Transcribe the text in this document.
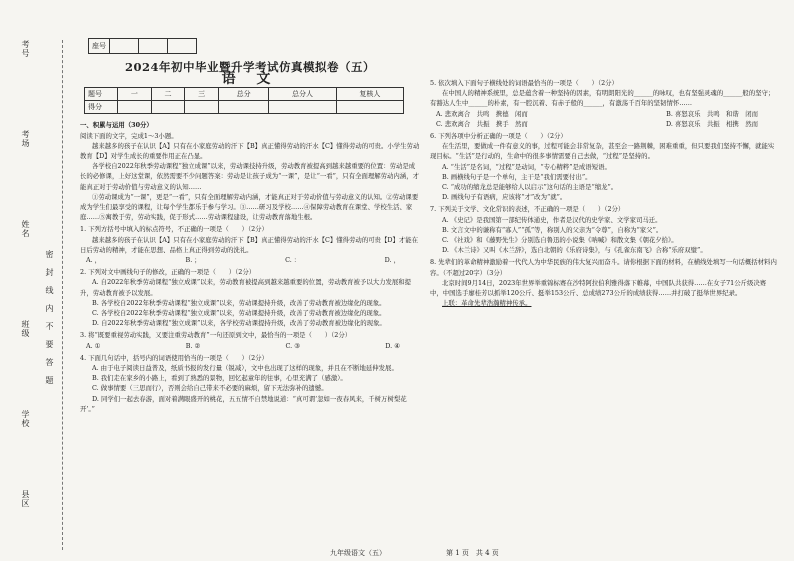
考号
考场
姓名
班级
学校
县区
密　封　线　内　不　要　答　题
座号			

2024年初中毕业暨升学考试仿真模拟卷（五）

语 文

题号	一	二	三	总分	总分人	复核人
得分						

一、积累与运用（30分）

阅读下面的文字，完成1～3小题。

越来越多的孩子在认识【A】只有在小家庭劳动的汗下【B】真正懂得劳动的汗水【C】懂得劳动的可贵。小学生劳动教育【D】对学生成长的重要作用正在凸显。

各学校自2022年秋季劳动课程“独立成课”以来，劳动课技持升级，劳动教育被提高到越来越重要的位置：劳动是成长的必修课，上好这堂课，依然需要不少问题答案：劳动是让孩子成为“一课”，是让“一看”，只有全面理解劳动内涵，才能真正对于劳动价值与劳动意义的认知……

①劳动课成为“一课”，更是“一看”，只有全面理解劳动内涵，才能真正对于劳动价值与劳动意义的认知。②劳动课要成为学生们最享受的课程，让每个学生都乐于参与学习。③……研习及学校……④保障劳动教育在课堂、学校生活、家庭……⑤寓教于劳，劳动实践，促于形式……劳动课程建设，让劳动教育落地生根。

1. 下列方括号中填入的标点符号，不正确的一项是（　　）（2分）

越来越多的孩子在认识【A】只有在小家庭劳动的汗下【B】真正懂得劳动的汗水【C】懂得劳动的可贵【D】才能在日后劳动的精神，才能在思想、品格上真正得到劳动的洗礼。

A. ，	B. ；	C. ：	D. ，

2. 下列对文中画线句子的修改，正确的一项是（　　）（2分）

A. 自2022年秋季劳动课程“独立成课”以来，劳动教育被提高到越来越重要的位置，劳动教育被予以大力发展和提升，劳动教育被予以发展。

B. 各学校自2022年秋季劳动课程“独立成课”以来，劳动课提持升级，改善了劳动教育被边缘化的现象。

C. 各学校自2022年秋季劳动课程“独立成课”以来，劳动课提持升级，改善了劳动教育被边缘化的现象。

D. 自2022年秋季劳动课程“独立成课”以来，各学校劳动课提持升级，改善了劳动教育被边缘化的现象。

3. 将“既要重视劳动实践，又要注重劳动教育”一句还原到文中，最恰当的一项是（　　）（2分）

A. ①	B. ②	C. ③	D. ④

4. 下面几句话中，括号内的词语使用恰当的一项是（　　）（2分）

A. 由于电子阅读日益普及，纸质书报的发行量（锐减），文中也出现了这样的现象，并且在不断地延伸发展。

B. 我们走在家乡的小路上，看到了熟悉的景物，回忆起童年的往事，心里充满了（感激）。

C. 做事情要（三思而行），否则会给自己带来不必要的麻烦，留下无法弥补的遗憾。

D. 同学们一起去春游，面对着满眼盛开的桃花，五五情不自禁地说道：“真可谓‘忽如一夜春风来，千树万树梨花开’。”

5. 依次填入下面句子横线处的词语最恰当的一项是（　　）（2分）

在中国人的精神系统里，总是蕴含着一种坚持的因素，有明朗阳光的______的咏叹，也有坚强灵魂的______般的坚守；有豁达人生中______的朴素，有一腔沉着、有赤子般的______，有激荡千百年的坚韧情怀……

A. 悲欢离合　共鸣　携德　闲而	B. 喜怒哀乐　共鸣　和谐　闭而
C. 悲欢离合　共振　携手　然而	D. 喜怒哀乐　共振　相携　然而

6. 下列各项中分析正确的一项是（　　）（2分）

在生活里，要做成一件有意义的事，过程可能会非常复杂，甚至会一路荆棘，困难重重，但只要我们坚持不懈，就能实现目标。“生活”是行动的，生命中的很多事情需要自己去做，“过程”是坚持的。

A. “生活”是名词，“过程”是动词，“专心精粹”是成语短语。

B. 画横线句子是一个单句，主干是“我们需要付出”。

C. “成功的缩龙总是能够给人以启示”这句话的主语是“缩龙”。

D. 画线句子有语病，应该将“才”改为“就”。

7. 下列关于文学、文化常识的表述，不正确的一项是（　　）（2分）

A. 《史记》是我国第一部纪传体通史，作者是汉代的史学家、文学家司马迁。

B. 文言文中的谦称有“寡人”“孤”等，称别人的父亲为“令尊”，自称为“家父”。

C. 《社戏》和《藤野先生》分别选自鲁迅的小说集《呐喊》和散文集《朝花夕拾》。

D. 《木兰诗》又叫《木兰辞》，选自北朝的《乐府诗集》，与《孔雀东南飞》合称“乐府双璧”。

8. 先辈们的革命精神激励着一代代人为中华民族的伟大复兴而奋斗。请你根据下面的材料，在横线处填写一句话概括材料内容。（不超过20字）（3分）

北京时间9月14日，2023年世界举重锦标赛在沙特阿拉伯利雅得落下帷幕，中国队共获得……在女子71公斤级决赛中，中国选手廖桂芳以抓举120公斤、挺举153公斤、总成绩273公斤的成绩获得……并打破了挺举世界纪录。

上联：革命先辈浩瀚精神传承。

九年级语文（五）	第 1 页　共 4 页
